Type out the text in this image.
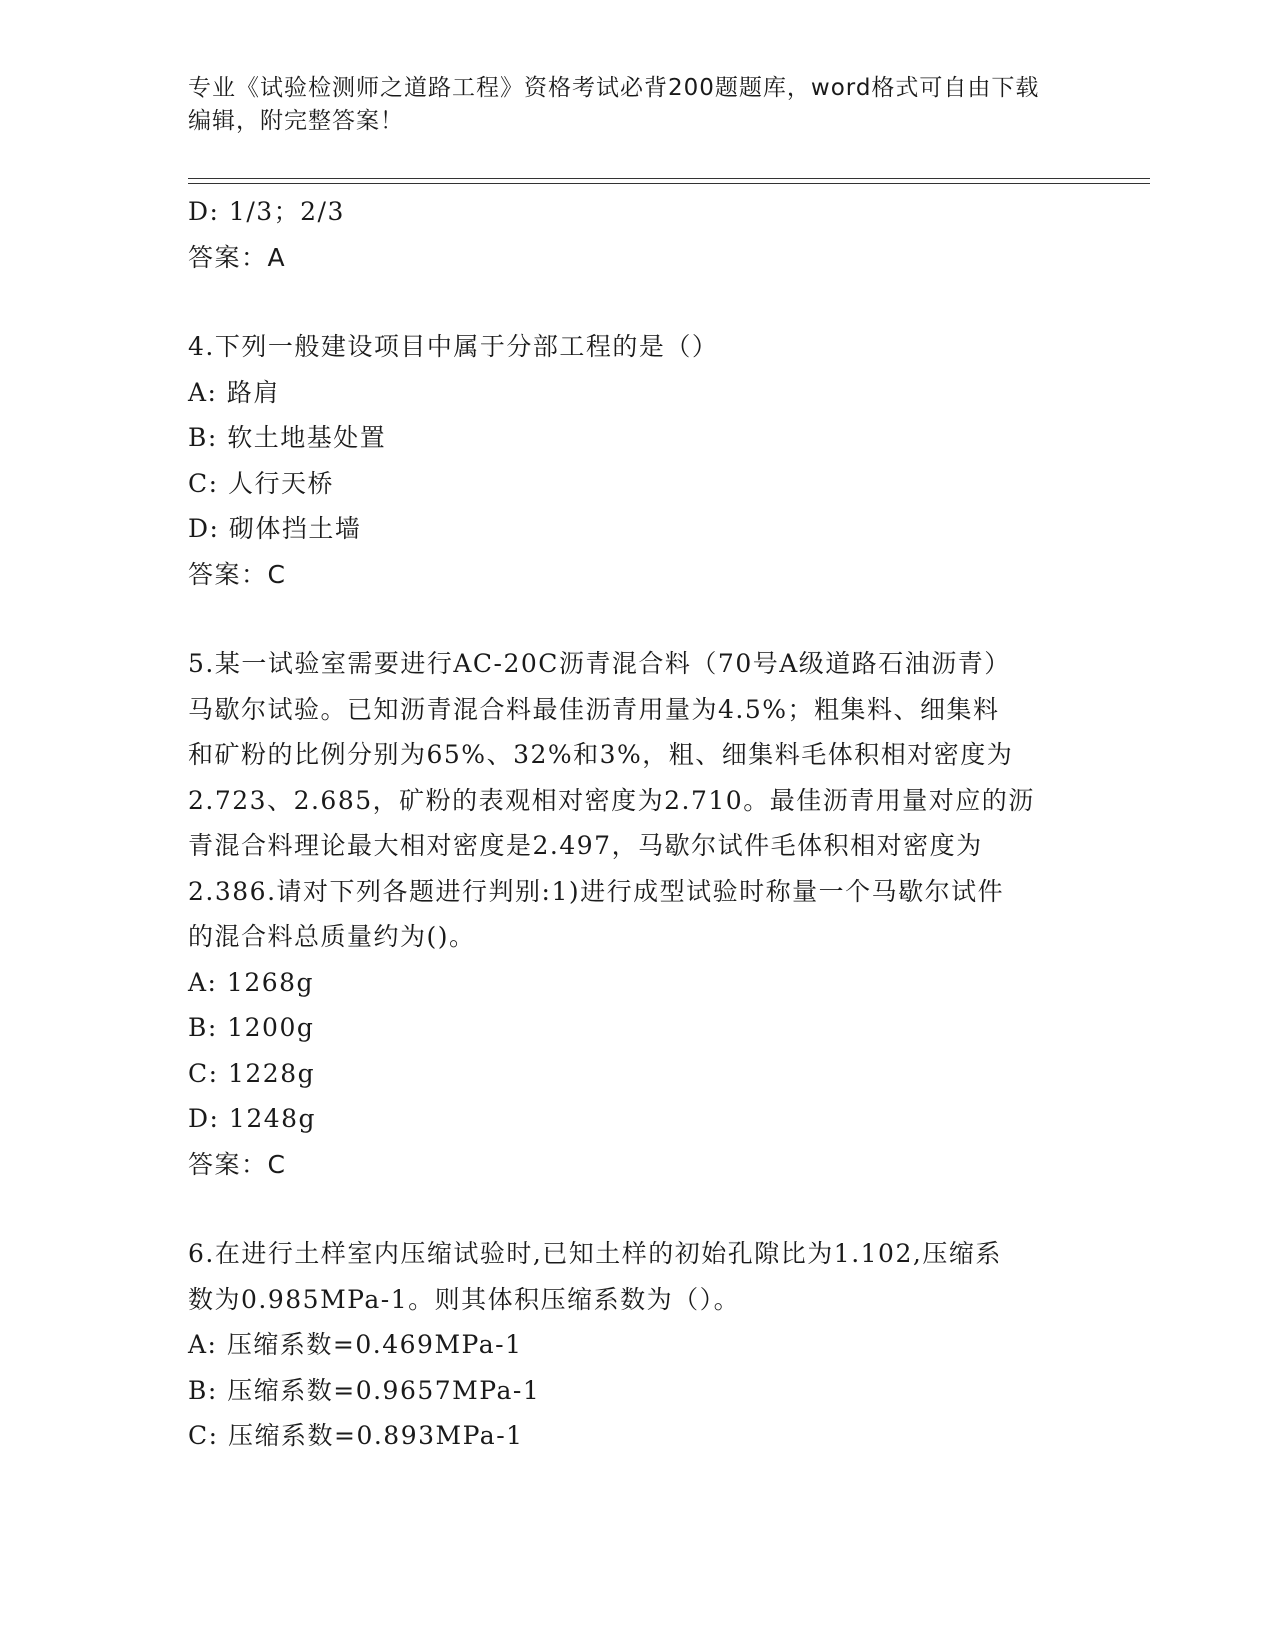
专业《试验检测师之道路工程》资格考试必背200题题库，word格式可自由下载
编辑，附完整答案！
D: 1/3；2/3
答案：A
4.下列一般建设项目中属于分部工程的是（）
A: 路肩
B: 软土地基处置
C: 人行天桥
D: 砌体挡土墙
答案：C
5.某一试验室需要进行AC-20C沥青混合料（70号A级道路石油沥青）
马歇尔试验。已知沥青混合料最佳沥青用量为4.5%；粗集料、细集料
和矿粉的比例分别为65%、32%和3%，粗、细集料毛体积相对密度为
2.723、2.685，矿粉的表观相对密度为2.710。最佳沥青用量对应的沥
青混合料理论最大相对密度是2.497，马歇尔试件毛体积相对密度为
2.386.请对下列各题进行判别:1)进行成型试验时称量一个马歇尔试件
的混合料总质量约为()。
A: 1268g
B: 1200g
C: 1228g
D: 1248g
答案：C
6.在进行土样室内压缩试验时,已知土样的初始孔隙比为1.102,压缩系
数为0.985MPa-1。则其体积压缩系数为（）。
A: 压缩系数=0.469MPa-1
B: 压缩系数=0.9657MPa-1
C: 压缩系数=0.893MPa-1
